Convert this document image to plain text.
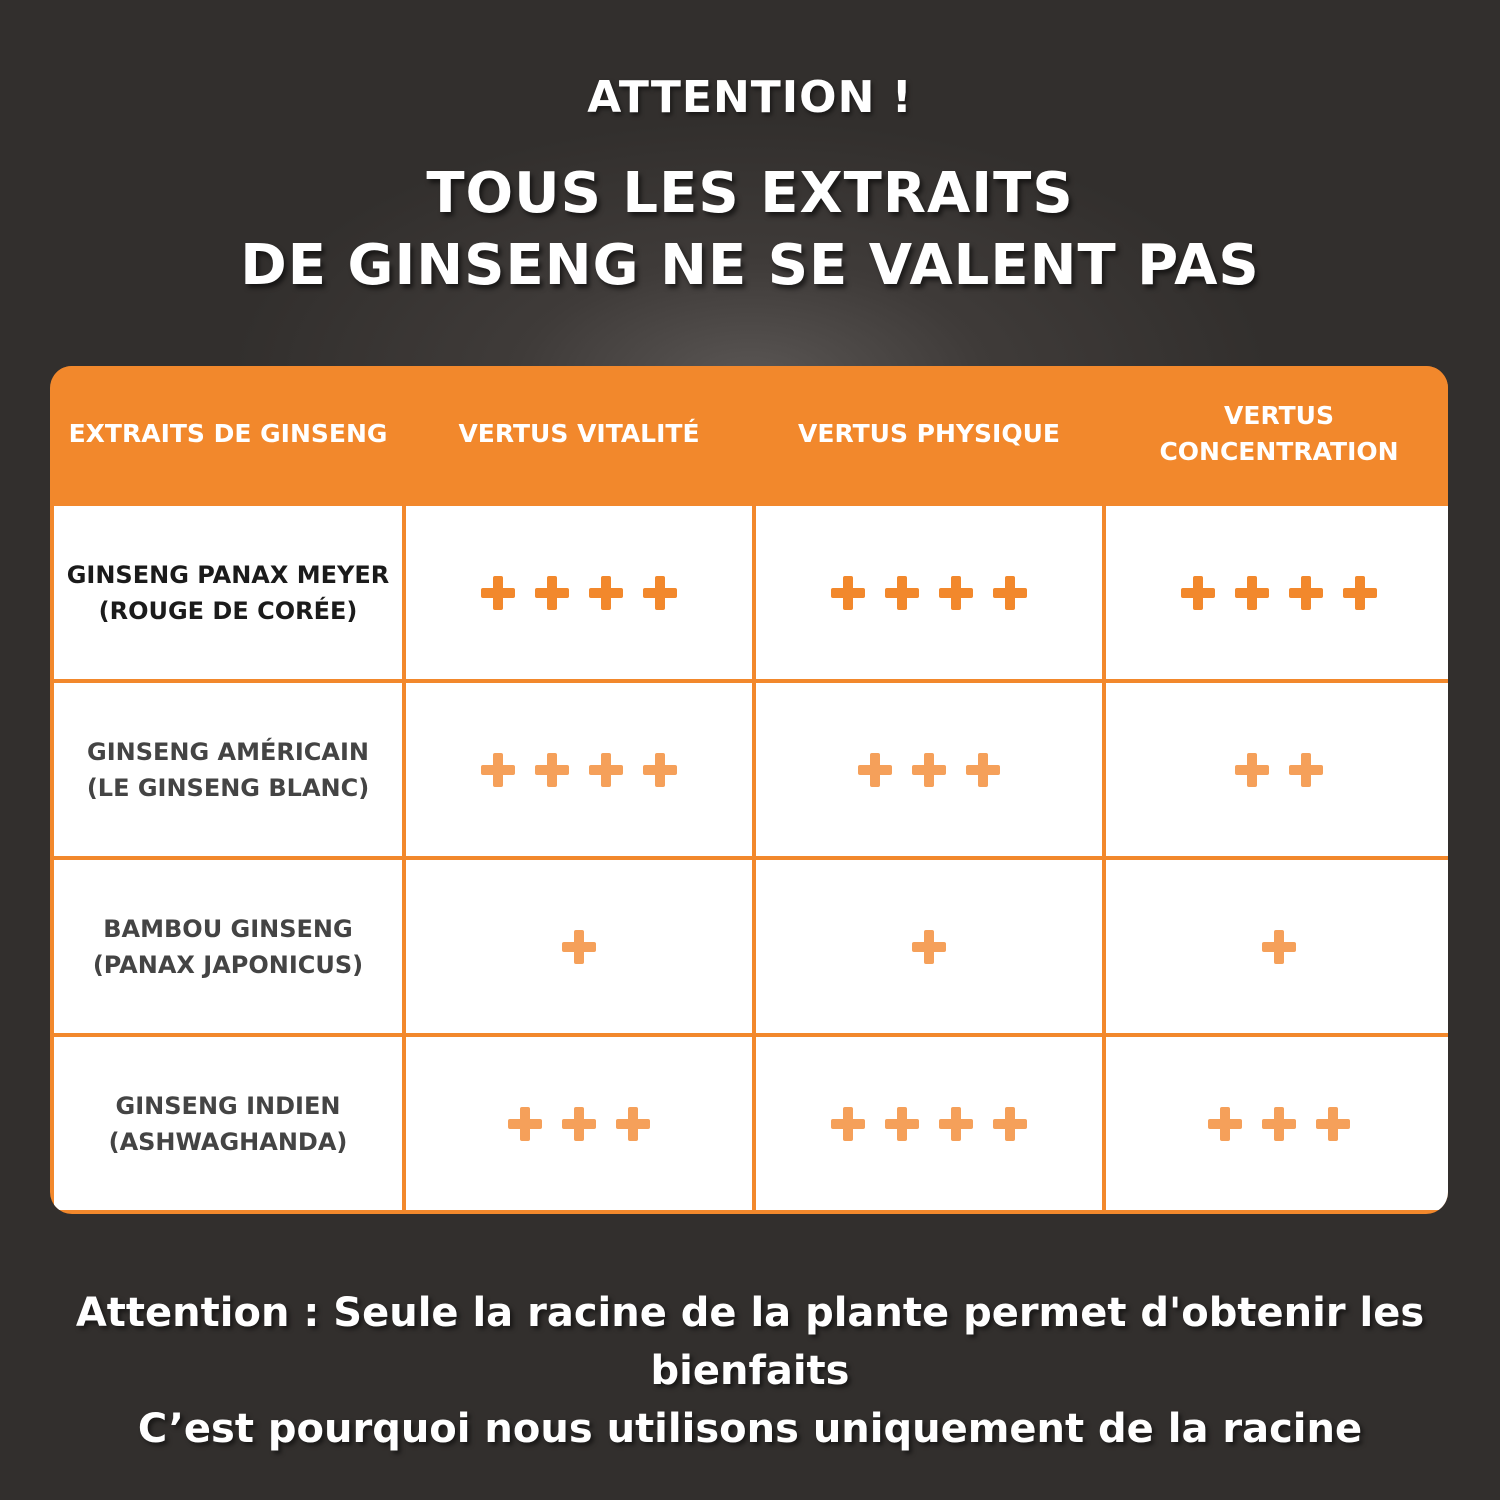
ATTENTION !
TOUS LES EXTRAITS
DE GINSENG NE SE VALENT PAS
EXTRAITS DE GINSENG	VERTUS VITALITÉ	VERTUS PHYSIQUE
VERTUS CONCENTRATION
GINSENG PANAX MEYER
(ROUGE DE CORÉE)
GINSENG AMÉRICAIN
(LE GINSENG BLANC)
BAMBOU GINSENG
(PANAX JAPONICUS)
GINSENG INDIEN
(ASHWAGHANDA)
Attention : Seule la racine de la plante permet d'obtenir les bienfaits
C’est pourquoi nous utilisons uniquement de la racine
